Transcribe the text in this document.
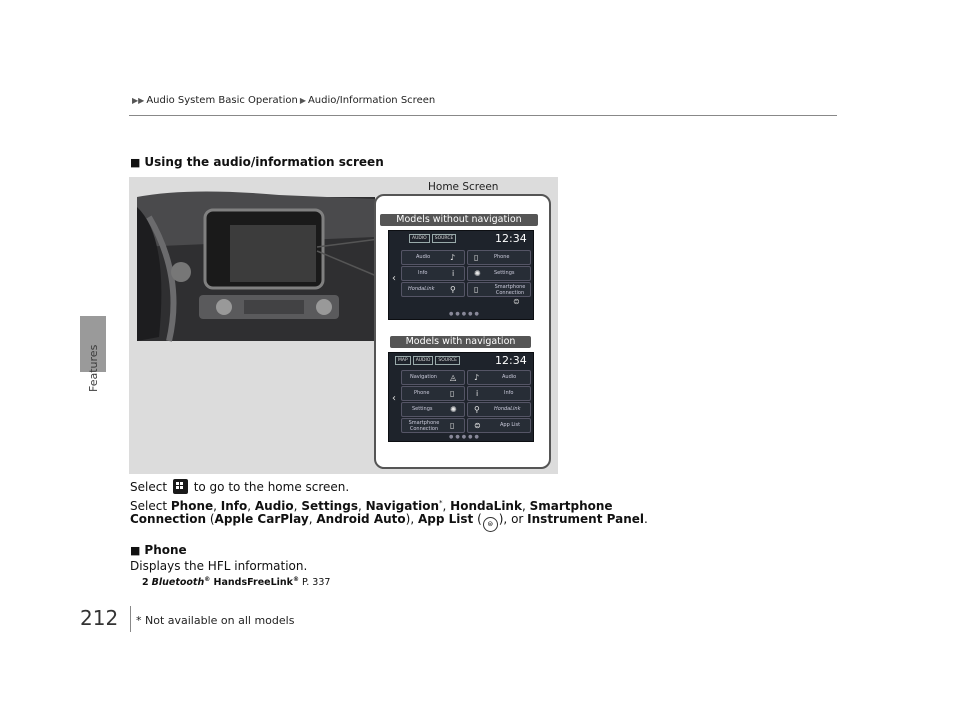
Features
▶▶ Audio System Basic Operation ▶ Audio/Information Screen
■ Using the audio/information screen
Home Screen
Models without navigation
AUDIO	SOURCE	12:34
‹
Audio ♪ ▯	Phone
Info	i ✺	Settings
HondaLink ⚲ ▯	Smartphone Connection
⊜
●●●●●
Models with navigation
MAP	AUDIO	SOURCE	12:34
‹
Navigation ◬ ♪	Audio
Phone	▯	i	Info
Settings ✺ ⚲	HondaLink
Smartphone Connection	▯ ⊜	App List
●●●●●
Select to go to the home screen.
Select Phone, Info, Audio, Settings, Navigation*, HondaLink, Smartphone
Connection (Apple CarPlay, Android Auto), App List ( ⊜ ), or Instrument Panel.
■ Phone
Displays the HFL information.
2 Bluetooth® HandsFreeLink® P. 337
212 * Not available on all models
